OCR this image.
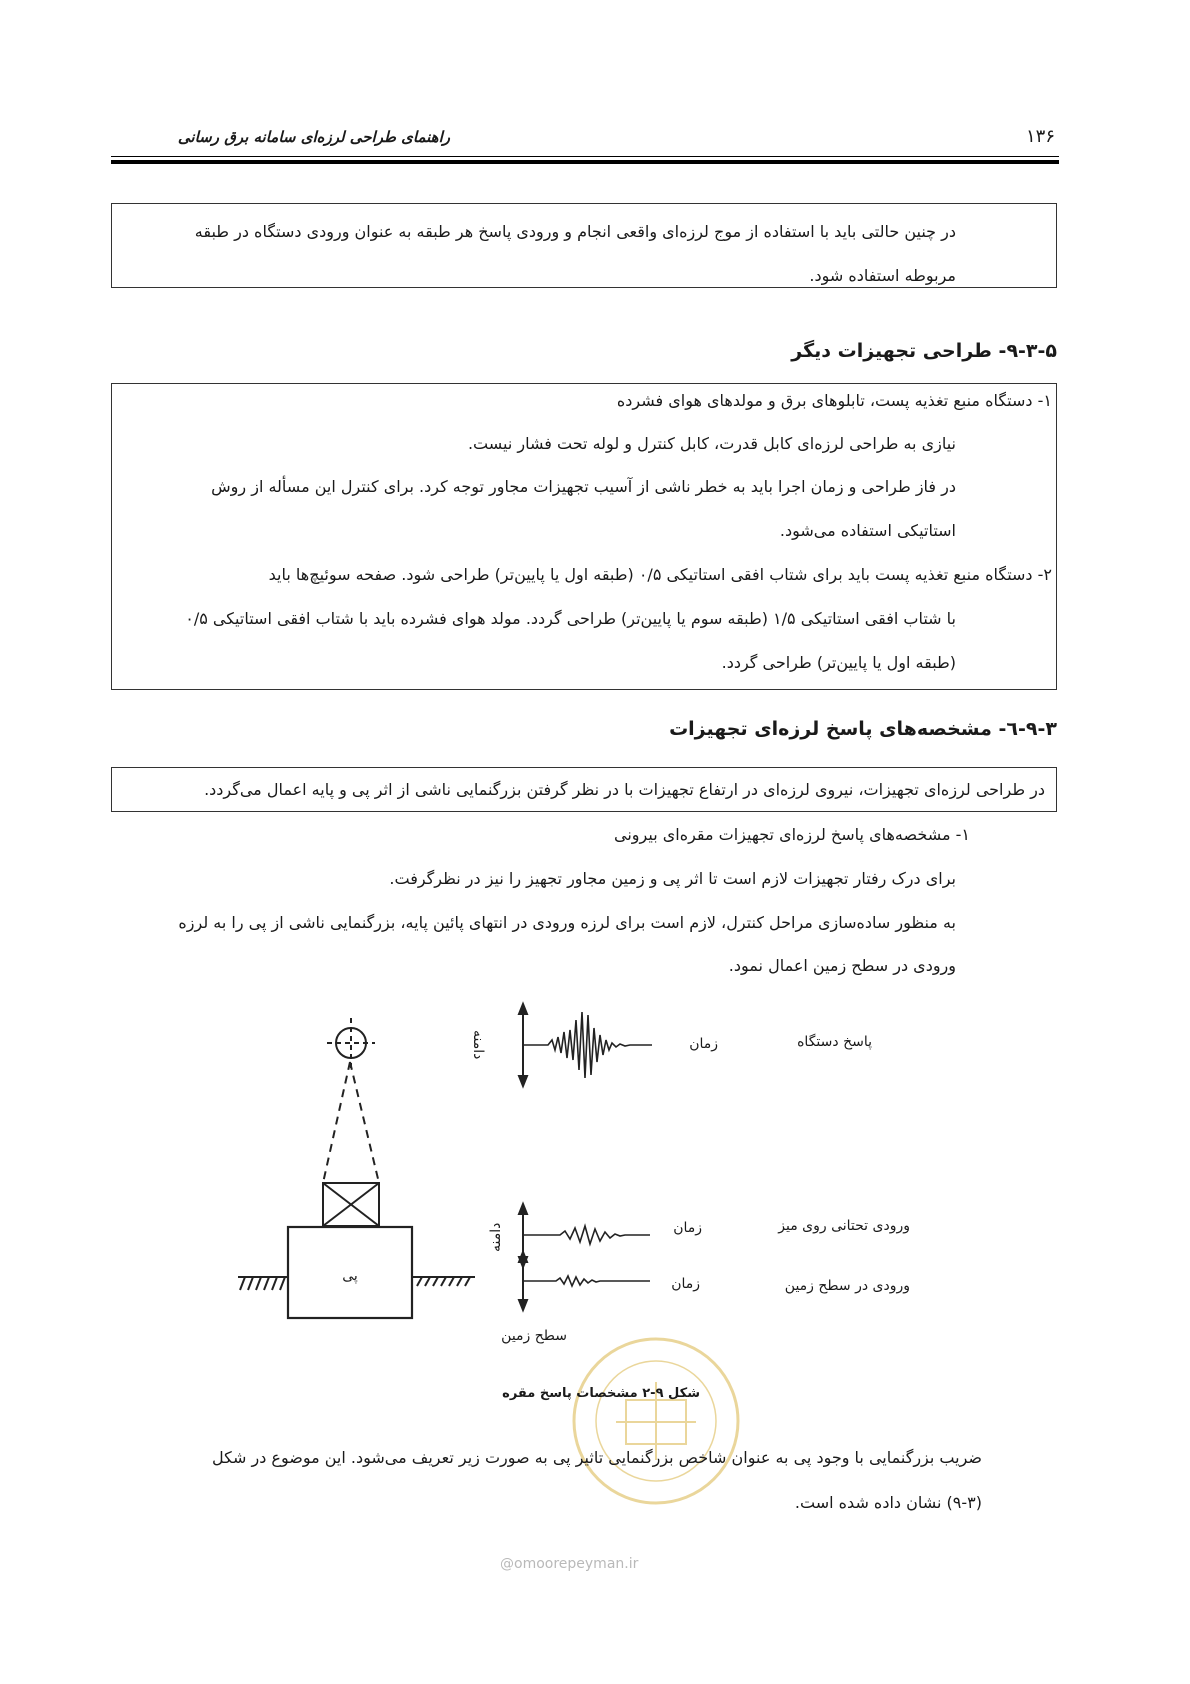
راهنمای طراحی لرزه‌ای سامانه برق رسانی	۱۳۶
در چنین حالتی باید با استفاده از موج لرزه‌ای واقعی انجام و ورودی پاسخ هر طبقه به عنوان ورودی دستگاه در طبقه
مربوطه استفاده شود.
۹-۳-۵- طراحی تجهیزات دیگر
۱- دستگاه منبع تغذیه پست، تابلوهای برق و مولدهای هوای فشرده
نیازی به طراحی لرزه‌ای کابل قدرت، کابل کنترل و لوله تحت فشار نیست.
در فاز طراحی و زمان اجرا باید به خطر ناشی از آسیب تجهیزات مجاور توجه کرد. برای کنترل این مسأله از روش
استاتیکی استفاده می‌شود.
۲- دستگاه منبع تغذیه پست باید برای شتاب افقی استاتیکی ۰/۵ (طبقه اول یا پایین‌تر) طراحی شود. صفحه سوئیچ‌ها باید
با شتاب افقی استاتیکی ۱/۵ (طبقه سوم یا پایین‌تر) طراحی گردد. مولد هوای فشرده باید با شتاب افقی استاتیکی ۰/۵
(طبقه اول یا پایین‌تر) طراحی گردد.
۹-۳-٦- مشخصه‌های پاسخ لرزه‌ای تجهیزات
در طراحی لرزه‌ای تجهیزات، نیروی لرزه‌ای در ارتفاع تجهیزات با در نظر گرفتن بزرگنمایی ناشی از اثر پی و پایه اعمال می‌گردد.
۱- مشخصه‌های پاسخ لرزه‌ای تجهیزات مقره‌ای بیرونی
برای درک رفتار تجهیزات لازم است تا اثر پی و زمین مجاور تجهیز را نیز در نظرگرفت.
به منظور ساده‌سازی مراحل کنترل، لازم است برای لرزه ورودی در انتهای پائین پایه، بزرگنمایی ناشی از پی را به لرزه
ورودی در سطح زمین اعمال نمود.
پاسخ دستگاه
زمان
دامنه
ورودی تحتانی روی میز
زمان
ورودی در سطح زمین
زمان
دامنه
پی
سطح زمین
شکل ۹-۲ مشخصات پاسخ مقره
ضریب بزرگنمایی با وجود پی به عنوان شاخص بزرگنمایی تاثیر پی به صورت زیر تعریف می‌شود. این موضوع در شکل
(۹-۳) نشان داده شده است.
@omoorepeyman.ir
